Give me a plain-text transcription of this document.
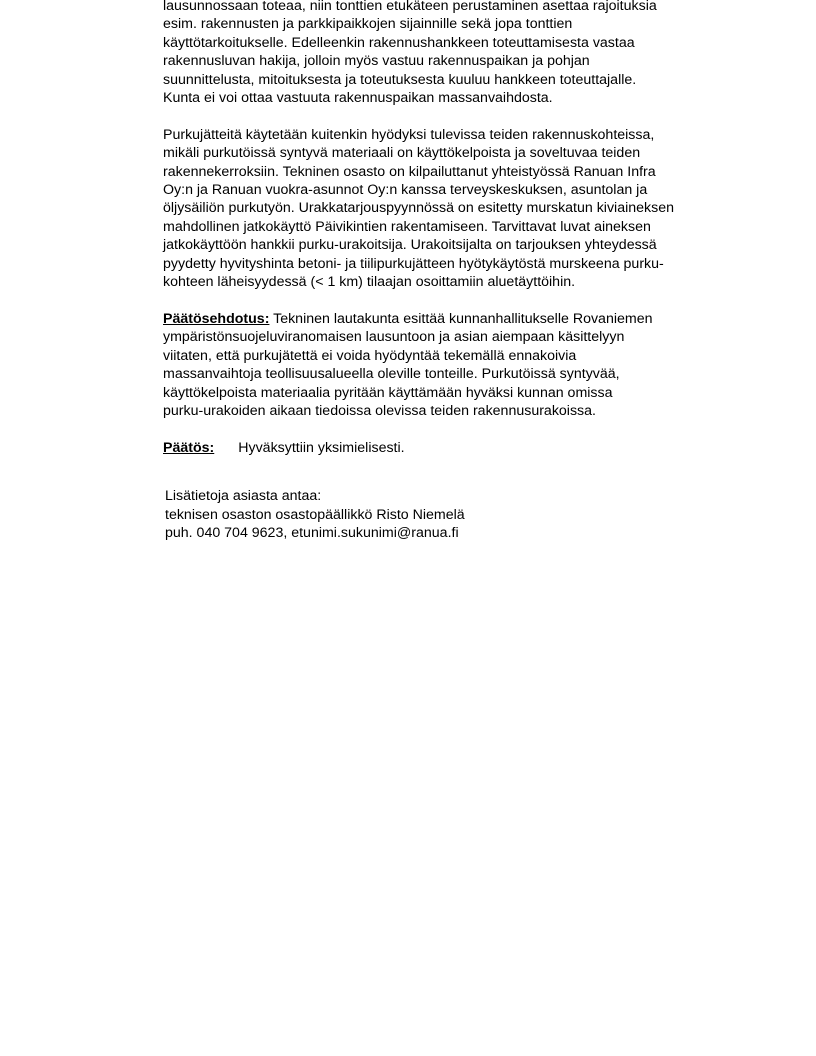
lausunnossaan toteaa, niin tonttien etukäteen perustaminen asettaa rajoituksia
esim. rakennusten ja parkkipaikkojen sijainnille sekä jopa tonttien
käyttötarkoitukselle. Edelleenkin rakennushankkeen toteuttamisesta vastaa
rakennusluvan hakija, jolloin myös vastuu rakennuspaikan ja pohjan
suunnittelusta, mitoituksesta ja toteutuksesta kuuluu hankkeen toteuttajalle.
Kunta ei voi ottaa vastuuta rakennuspaikan massanvaihdosta.
Purkujätteitä käytetään kuitenkin hyödyksi tulevissa teiden rakennuskohteissa,
mikäli purkutöissä syntyvä materiaali on käyttökelpoista ja soveltuvaa teiden
rakennekerroksiin. Tekninen osasto on kilpailuttanut yhteistyössä Ranuan Infra
Oy:n ja Ranuan vuokra-asunnot Oy:n kanssa terveyskeskuksen, asuntolan ja
öljysäiliön purkutyön. Urakkatarjouspyynnössä on esitetty murskatun kiviaineksen
mahdollinen jatkokäyttö Päivikintien rakentamiseen. Tarvittavat luvat aineksen
jatkokäyttöön hankkii purku-urakoitsija. Urakoitsijalta on tarjouksen yhteydessä
pyydetty hyvityshinta betoni- ja tiilipurkujätteen hyötykäytöstä murskeena purku-
kohteen läheisyydessä (< 1 km) tilaajan osoittamiin aluetäyttöihin.
Päätösehdotus: Tekninen lautakunta esittää kunnanhallitukselle Rovaniemen
ympäristönsuojeluviranomaisen lausuntoon ja asian aiempaan käsittelyyn
viitaten, että purkujätettä ei voida hyödyntää tekemällä ennakoivia
massanvaihtoja teollisuusalueella oleville tonteille. Purkutöissä syntyvää,
käyttökelpoista materiaalia pyritään käyttämään hyväksi kunnan omissa
purku-urakoiden aikaan tiedoissa olevissa teiden rakennusurakoissa.
Päätös: Hyväksyttiin yksimielisesti.
Lisätietoja asiasta antaa:
teknisen osaston osastopäällikkö Risto Niemelä
puh. 040 704 9623, etunimi.sukunimi@ranua.fi
